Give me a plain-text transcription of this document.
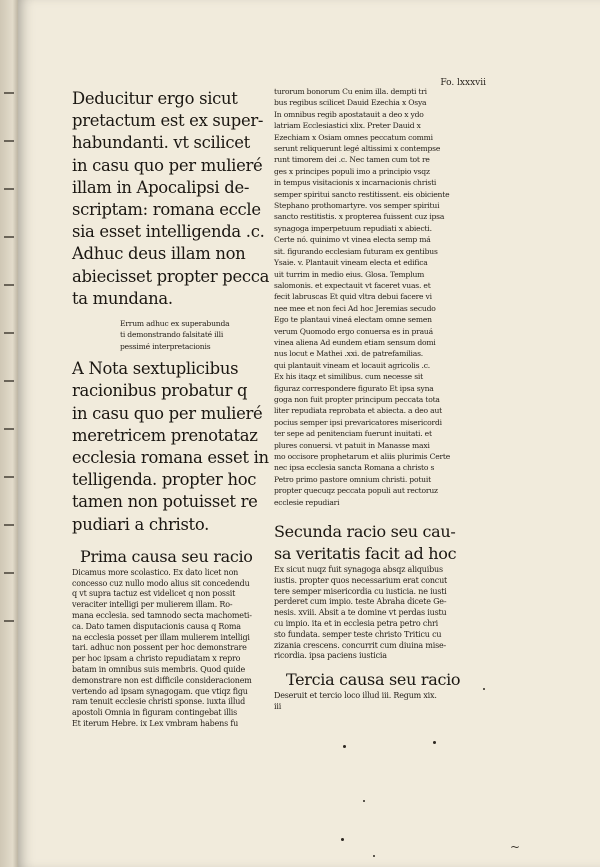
Fo. lxxxvii
Deducitur ergo sicut
pretactum est ex super-
habundanti. vt scilicet
in casu quo per mulieré
illam in Apocalipsi de-
scriptam: romana eccle
sia esset intelligenda .c.
Adhuc deus illam non
abiecisset propter pecca
ta mundana.
Errum adhuc ex superabunda
ti demonstrando falsitaté illi
pessimé interpretacionis
A Nota sextuplicibus
racionibus probatur q
in casu quo per mulieré
meretricem prenotataz
ecclesia romana esset in
telligenda. propter hoc
tamen non potuisset re
pudiari a christo.
Prima causa seu racio
Dicamus more scolastico. Ex dato licet non
concesso cuz nullo modo alius sit concedendu
q vt supra tactuz est videlicet q non possit
veraciter intelligi per mulierem illam. Ro-
mana ecclesia. sed tamnodo secta machometi-
ca. Dato tamen disputacionis causa q Roma
na ecclesia posset per illam mulierem intelligi
tari. adhuc non possent per hoc demonstrare
per hoc ipsam a christo repudiatam x repro
batam in omnibus suis membris. Quod quide
demonstrare non est difficile consideracionem
vertendo ad ipsam synagogam. que vtiqz figu
ram tenuit ecclesie christi sponse. iuxta illud
apostoli Omnia in figuram contingebat illis
Et iterum Hebre. ix Lex vmbram habens fu
turorum bonorum Cu enim illa. dempti tri
bus regibus scilicet Dauid Ezechia x Osya
In omnibus regib apostatauit a deo x ydo
latriam Ecclesiastici xlix. Preter Dauid x
Ezechiam x Osiam omnes peccatum commi
serunt reliquerunt legé altissimi x contempse
runt timorem dei .c. Nec tamen cum tot re
ges x principes populi imo a principio vsqz
in tempus visitacionis x incarnacionis christi
semper spiritui sancto restitissent. eis obiciente
Stephano prothomartyre. vos semper spiritui
sancto restitistis. x propterea fuissent cuz ipsa
synagoga imperpetuum repudiati x abiecti.
Certe nó. quinimo vt vinea electa semp má
sit. figurando ecclesiam futuram ex gentibus
Ysaie. v. Plantauit vineam electa et edifica
uit turrim in medio eius. Glosa. Templum
salomonis. et expectauit vt faceret vuas. et
fecit labruscas Et quid vltra debui facere vi
nee mee et non feci Ad hoc Jeremias secudo
Ego te plantaui vineá electam omne semen
verum Quomodo ergo conuersa es in prauá
vinea aliena Ad eundem etiam sensum domi
nus locut e Mathei .xxi. de patrefamilias.
qui plantauit vineam et locauit agricolis .c.
Ex his itaqz et similibus. cum necesse sit
figuraz correspondere figurato Et ipsa syna
goga non fuit propter principum peccata tota
liter repudiata reprobata et abiecta. a deo aut
pocius semper ipsi prevaricatores misericordi
ter sepe ad penitenciam fuerunt inuitati. et
plures conuersi. vt patuit in Manasse maxi
mo occisore prophetarum et aliis plurimis Certe
nec ipsa ecclesia sancta Romana a christo s
Petro primo pastore omnium christi. potuit
propter quecuqz peccata populi aut rectoruz
ecclesie repudiari
Secunda racio seu cau-
sa veritatis facit ad hoc
Ex sicut nuqz fuit synagoga absqz aliquibus
iustis. propter quos necessarium erat concut
tere semper misericordia cu iusticia. ne iusti
perderet cum impio. teste Abraha dicete Ge-
nesis. xviii. Absit a te domine vt perdas iustu
cu impio. ita et in ecclesia petra petro chri
sto fundata. semper teste christo Triticu cu
zizania crescens. concurrit cum diuina mise-
ricordia. ipsa paciens iusticia
Tercia causa seu racio
Deseruit et tercio loco illud iii. Regum xix.
iii
~
